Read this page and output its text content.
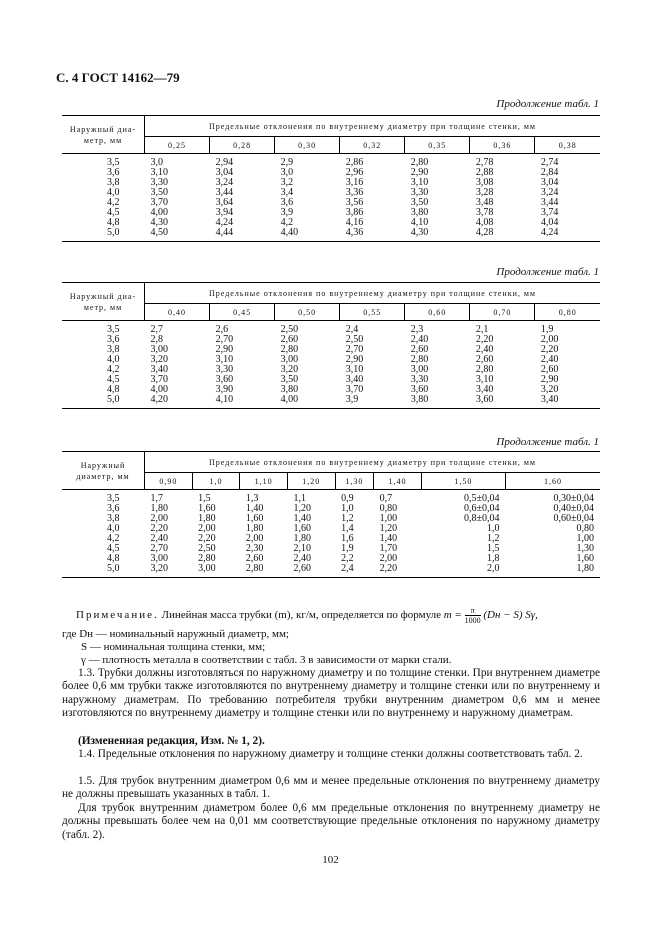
С. 4 ГОСТ 14162—79
Продолжение табл. 1
Наружный диа- метр, мм	Предельные отклонения по внутреннему диаметру при толщине стенки, мм						
	0,25	0,28	0,30	0,32	0,35	0,36	0,38
3,5	3,0	2,94	2,9	2,86	2,80	2,78	2,74
3,6	3,10	3,04	3,0	2,96	2,90	2,88	2,84
3,8	3,30	3,24	3,2	3,16	3,10	3,08	3,04
4,0	3,50	3,44	3,4	3,36	3,30	3,28	3,24
4,2	3,70	3,64	3,6	3,56	3,50	3,48	3,44
4,5	4,00	3,94	3,9	3,86	3,80	3,78	3,74
4,8	4,30	4,24	4,2	4,16	4,10	4,08	4,04
5,0	4,50	4,44	4,40	4,36	4,30	4,28	4,24
Продолжение табл. 1
Наружный диа- метр, мм	Предельные отклонения по внутреннему диаметру при толщине стенки, мм						
	0,40	0,45	0,50	0,55	0,60	0,70	0,80
3,5	2,7	2,6	2,50	2,4	2,3	2,1	1,9
3,6	2,8	2,70	2,60	2,50	2,40	2,20	2,00
3,8	3,00	2,90	2,80	2,70	2,60	2,40	2,20
4,0	3,20	3,10	3,00	2,90	2,80	2,60	2,40
4,2	3,40	3,30	3,20	3,10	3,00	2,80	2,60
4,5	3,70	3,60	3,50	3,40	3,30	3,10	2,90
4,8	4,00	3,90	3,80	3,70	3,60	3,40	3,20
5,0	4,20	4,10	4,00	3,9	3,80	3,60	3,40
Продолжение табл. 1
Наружный диаметр, мм	Предельные отклонения по внутреннему диаметру при толщине стенки, мм							
	0,90	1,0	1,10	1,20	1,30	1,40	1,50	1,60
3,5	1,7	1,5	1,3	1,1	0,9	0,7	0,5±0,04	0,30±0,04
3,6	1,80	1,60	1,40	1,20	1,0	0,80	0,6±0,04	0,40±0,04
3,8	2,00	1,80	1,60	1,40	1,2	1,00	0,8±0,04	0,60±0,04
4,0	2,20	2,00	1,80	1,60	1,4	1,20	1,0	0,80
4,2	2,40	2,20	2,00	1,80	1,6	1,40	1,2	1,00
4,5	2,70	2,50	2,30	2,10	1,9	1,70	1,5	1,30
4,8	3,00	2,80	2,60	2,40	2,2	2,00	1,8	1,60
5,0	3,20	3,00	2,80	2,60	2,4	2,20	2,0	1,80
Примечание. Линейная масса трубки (m), кг/м, определяется по формуле $m = \frac{\pi}{1000} (Dн - S)$ Sγ,
где Dн — номинальный наружный диаметр, мм;
S — номинальная толщина стенки, мм;
γ — плотность металла в соответствии с табл. 3 в зависимости от марки стали.
1.3. Трубки должны изготовляться по наружному диаметру и по толщине стенки. При внутреннем диаметре более 0,6 мм трубки также изготовляются по внутреннему диаметру и толщине стенки или по внутреннему и наружному диаметрам. По требованию потребителя трубки внутренним диаметром 0,6 мм и менее изготовляются по внутреннему диаметру и толщине стенки или по внутреннему и наружному диаметрам.
(Измененная редакция, Изм. № 1, 2).
1.4. Предельные отклонения по наружному диаметру и толщине стенки должны соответствовать табл. 2.
1.5. Для трубок внутренним диаметром 0,6 мм и менее предельные отклонения по внутреннему диаметру не должны превышать указанных в табл. 1.
Для трубок внутренним диаметром более 0,6 мм предельные отклонения по внутреннему диаметру не должны превышать более чем на 0,01 мм соответствующие предельные отклонения по наружному диаметру (табл. 2).
102
